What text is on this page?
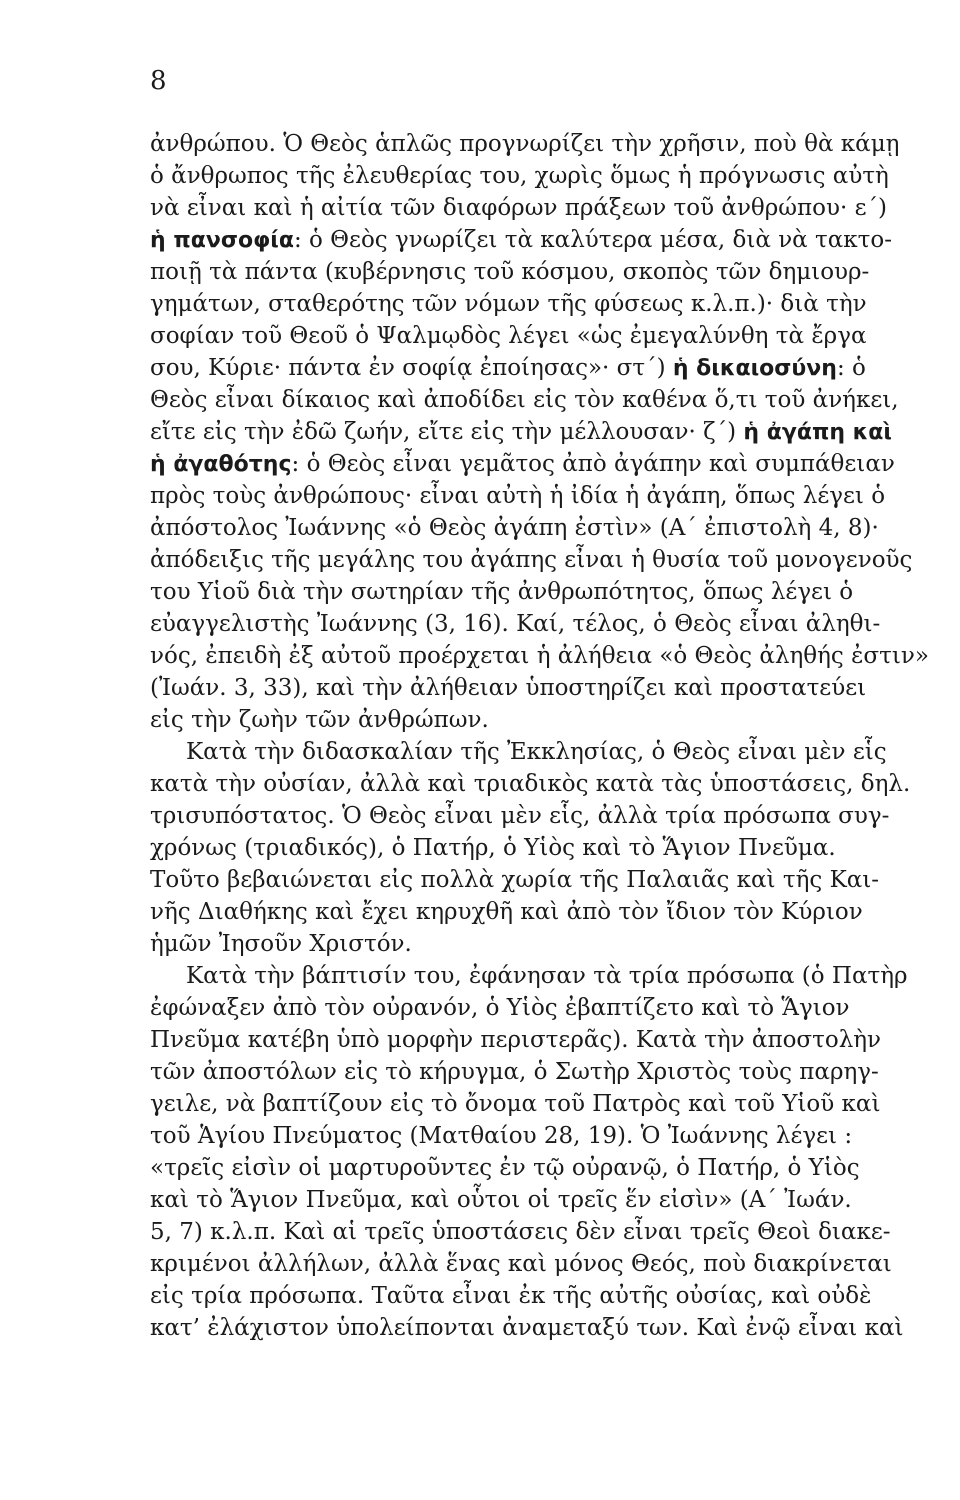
8
ἀνθρώπου. Ὁ Θεὸς ἁπλῶς προγνωρίζει τὴν χρῆσιν, ποὺ θὰ κάμῃ
ὁ ἄνθρωπος τῆς ἐλευθερίας του, χωρὶς ὅμως ἡ πρόγνωσις αὐτὴ
νὰ εἶναι καὶ ἡ αἰτία τῶν διαφόρων πράξεων τοῦ ἀνθρώπου· ε΄)
ἡ πανσοφία: ὁ Θεὸς γνωρίζει τὰ καλύτερα μέσα, διὰ νὰ τακτο-
ποιῇ τὰ πάντα (κυβέρνησις τοῦ κόσμου, σκοπὸς τῶν δημιουρ-
γημάτων, σταθερότης τῶν νόμων τῆς φύσεως κ.λ.π.)· διὰ τὴν
σοφίαν τοῦ Θεοῦ ὁ Ψαλμῳδὸς λέγει «ὡς ἐμεγαλύνθη τὰ ἔργα
σου, Κύριε· πάντα ἐν σοφίᾳ ἐποίησας»· στ΄) ἡ δικαιοσύνη: ὁ
Θεὸς εἶναι δίκαιος καὶ ἀποδίδει εἰς τὸν καθένα ὅ,τι τοῦ ἀνήκει,
εἴτε εἰς τὴν ἐδῶ ζωήν, εἴτε εἰς τὴν μέλλουσαν· ζ΄) ἡ ἀγάπη καὶ
ἡ ἀγαθότης: ὁ Θεὸς εἶναι γεμᾶτος ἀπὸ ἀγάπην καὶ συμπάθειαν
πρὸς τοὺς ἀνθρώπους· εἶναι αὐτὴ ἡ ἰδία ἡ ἀγάπη, ὅπως λέγει ὁ
ἀπόστολος Ἰωάννης «ὁ Θεὸς ἀγάπη ἐστὶν» (Α΄ ἐπιστολὴ 4, 8)·
ἀπόδειξις τῆς μεγάλης του ἀγάπης εἶναι ἡ θυσία τοῦ μονογενοῦς
του Υἱοῦ διὰ τὴν σωτηρίαν τῆς ἀνθρωπότητος, ὅπως λέγει ὁ
εὐαγγελιστὴς Ἰωάννης (3, 16). Καί, τέλος, ὁ Θεὸς εἶναι ἀληθι-
νός, ἐπειδὴ ἐξ αὐτοῦ προέρχεται ἡ ἀλήθεια «ὁ Θεὸς ἀληθής ἐστιν»
(Ἰωάν. 3, 33), καὶ τὴν ἀλήθειαν ὑποστηρίζει καὶ προστατεύει
εἰς τὴν ζωὴν τῶν ἀνθρώπων.
Κατὰ τὴν διδασκαλίαν τῆς Ἐκκλησίας, ὁ Θεὸς εἶναι μὲν εἷς
κατὰ τὴν οὐσίαν, ἀλλὰ καὶ τριαδικὸς κατὰ τὰς ὑποστάσεις, δηλ.
τρισυπόστατος. Ὁ Θεὸς εἶναι μὲν εἷς, ἀλλὰ τρία πρόσωπα συγ-
χρόνως (τριαδικός), ὁ Πατήρ, ὁ Υἱὸς καὶ τὸ Ἅγιον Πνεῦμα.
Τοῦτο βεβαιώνεται εἰς πολλὰ χωρία τῆς Παλαιᾶς καὶ τῆς Και-
νῆς Διαθήκης καὶ ἔχει κηρυχθῆ καὶ ἀπὸ τὸν ἴδιον τὸν Κύριον
ἡμῶν Ἰησοῦν Χριστόν.
Κατὰ τὴν βάπτισίν του, ἐφάνησαν τὰ τρία πρόσωπα (ὁ Πατὴρ
ἐφώναξεν ἀπὸ τὸν οὐρανόν, ὁ Υἱὸς ἐβαπτίζετο καὶ τὸ Ἅγιον
Πνεῦμα κατέβη ὑπὸ μορφὴν περιστερᾶς). Κατὰ τὴν ἀποστολὴν
τῶν ἀποστόλων εἰς τὸ κήρυγμα, ὁ Σωτὴρ Χριστὸς τοὺς παρηγ-
γειλε, νὰ βαπτίζουν εἰς τὸ ὄνομα τοῦ Πατρὸς καὶ τοῦ Υἱοῦ καὶ
τοῦ Ἁγίου Πνεύματος (Ματθαίου 28, 19). Ὁ Ἰωάννης λέγει :
«τρεῖς εἰσὶν οἱ μαρτυροῦντες ἐν τῷ οὐρανῷ, ὁ Πατήρ, ὁ Υἱὸς
καὶ τὸ Ἅγιον Πνεῦμα, καὶ οὗτοι οἱ τρεῖς ἕν εἰσὶν» (Α΄ Ἰωάν.
5, 7) κ.λ.π. Καὶ αἱ τρεῖς ὑποστάσεις δὲν εἶναι τρεῖς Θεοὶ διακε-
κριμένοι ἀλλήλων, ἀλλὰ ἕνας καὶ μόνος Θεός, ποὺ διακρίνεται
εἰς τρία πρόσωπα. Ταῦτα εἶναι ἐκ τῆς αὐτῆς οὐσίας, καὶ οὐδὲ
κατ’ ἐλάχιστον ὑπολείπονται ἀναμεταξύ των. Καὶ ἐνῷ εἶναι καὶ
